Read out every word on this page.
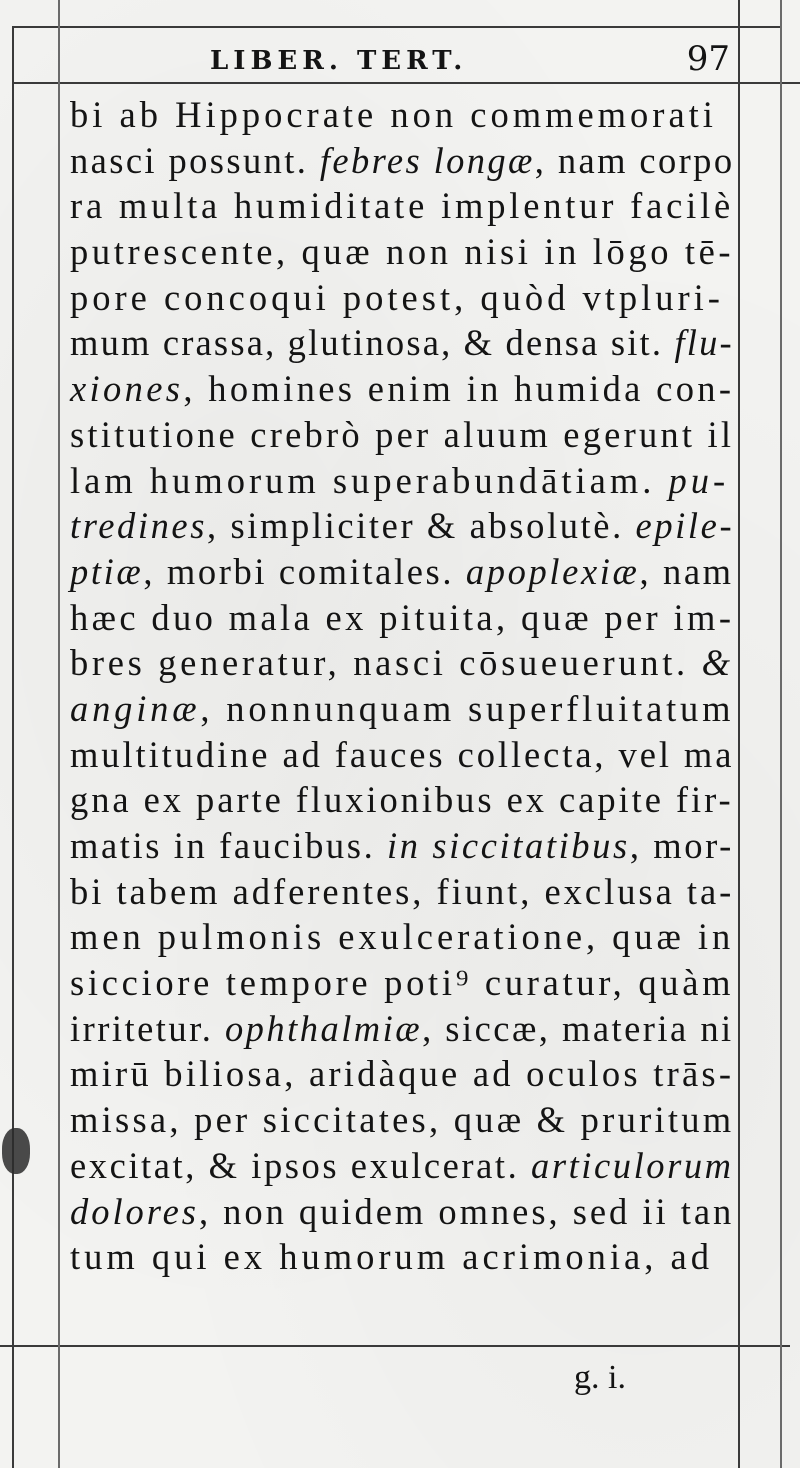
LIBER. TERT.	97
bi ab Hippocrate non commemorati
nasci possunt. febres longæ, nam corpo
ra multa humiditate implentur facilè
putrescente, quæ non nisi in lōgo tē-
pore concoqui potest, quòd vtpluri-
mum crassa, glutinosa, & densa sit. flu-
xiones, homines enim in humida con-
stitutione crebrò per aluum egerunt il
lam humorum superabundātiam. pu-
tredines, simpliciter & absolutè. epile-
ptiæ, morbi comitales. apoplexiæ, nam
hæc duo mala ex pituita, quæ per im-
bres generatur, nasci cōsueuerunt. &
anginæ, nonnunquam superfluitatum
multitudine ad fauces collecta, vel ma
gna ex parte fluxionibus ex capite fir-
matis in faucibus. in siccitatibus, mor-
bi tabem adferentes, fiunt, exclusa ta-
men pulmonis exulceratione, quæ in
sicciore tempore poti⁹ curatur, quàm
irritetur. ophthalmiæ, siccæ, materia ni
mirū biliosa, aridàque ad oculos trās-
missa, per siccitates, quæ & pruritum
excitat, & ipsos exulcerat. articulorum
dolores, non quidem omnes, sed ii tan
tum qui ex humorum acrimonia, ad
g. i.
